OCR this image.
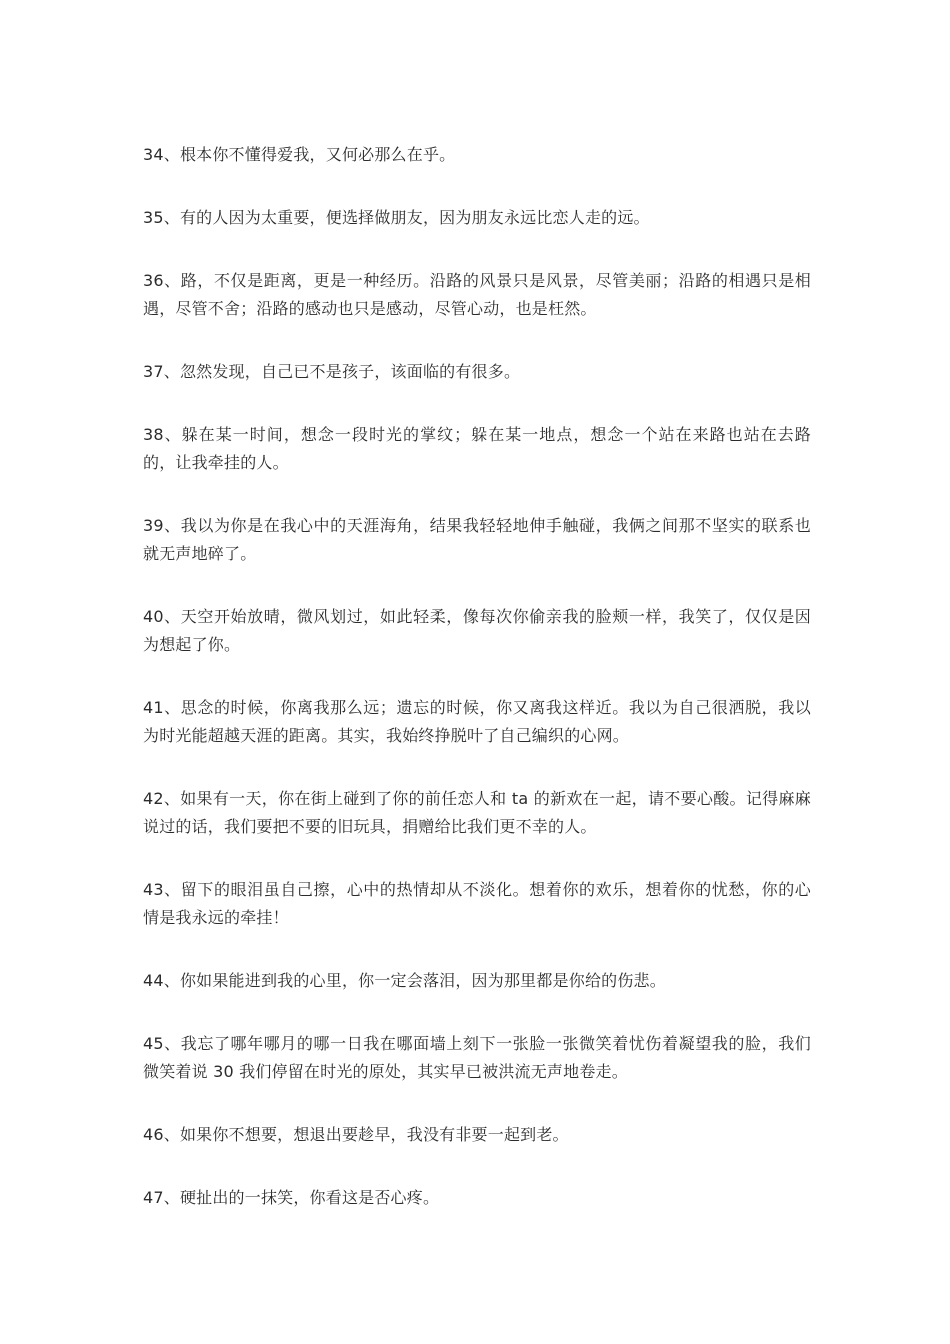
34、根本你不懂得爱我，又何必那么在乎。
35、有的人因为太重要，便选择做朋友，因为朋友永远比恋人走的远。
36、路，不仅是距离，更是一种经历。沿路的风景只是风景，尽管美丽；沿路的相遇只是相遇，尽管不舍；沿路的感动也只是感动，尽管心动，也是枉然。
37、忽然发现，自己已不是孩子，该面临的有很多。
38、躲在某一时间，想念一段时光的掌纹；躲在某一地点，想念一个站在来路也站在去路的，让我牵挂的人。
39、我以为你是在我心中的天涯海角，结果我轻轻地伸手触碰，我俩之间那不坚实的联系也就无声地碎了。
40、天空开始放晴，微风划过，如此轻柔，像每次你偷亲我的脸颊一样，我笑了，仅仅是因为想起了你。
41、思念的时候，你离我那么远；遗忘的时候，你又离我这样近。我以为自己很洒脱，我以为时光能超越天涯的距离。其实，我始终挣脱叶了自己编织的心网。
42、如果有一天，你在街上碰到了你的前任恋人和 ta 的新欢在一起，请不要心酸。记得麻麻说过的话，我们要把不要的旧玩具，捐赠给比我们更不幸的人。
43、留下的眼泪虽自己擦，心中的热情却从不淡化。想着你的欢乐，想着你的忧愁，你的心情是我永远的牵挂！
44、你如果能进到我的心里，你一定会落泪，因为那里都是你给的伤悲。
45、我忘了哪年哪月的哪一日我在哪面墙上刻下一张脸一张微笑着忧伤着凝望我的脸，我们微笑着说 30 我们停留在时光的原处，其实早已被洪流无声地卷走。
46、如果你不想要，想退出要趁早，我没有非要一起到老。
47、硬扯出的一抹笑，你看这是否心疼。
